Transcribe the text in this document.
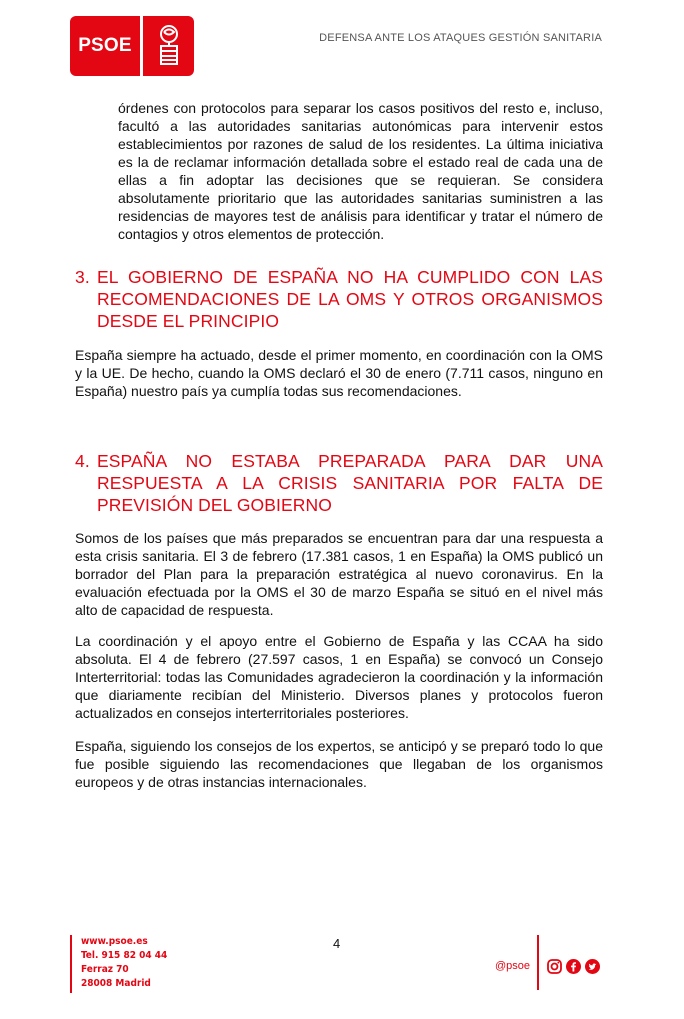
PSOE	DEFENSA ANTE LOS ATAQUES GESTIÓN SANITARIA

órdenes con protocolos para separar los casos positivos del resto e, incluso, facultó a las autoridades sanitarias autonómicas para intervenir estos establecimientos por razones de salud de los residentes. La última iniciativa es la de reclamar información detallada sobre el estado real de cada una de ellas a fin adoptar las decisiones que se requieran. Se considera absolutamente prioritario que las autoridades sanitarias suministren a las residencias de mayores test de análisis para identificar y tratar el número de contagios y otros elementos de protección.

3. EL GOBIERNO DE ESPAÑA NO HA CUMPLIDO CON LAS RECOMENDACIONES DE LA OMS Y OTROS ORGANISMOS DESDE EL PRINCIPIO

España siempre ha actuado, desde el primer momento, en coordinación con la OMS y la UE. De hecho, cuando la OMS declaró el 30 de enero (7.711 casos, ninguno en España) nuestro país ya cumplía todas sus recomendaciones.

4. ESPAÑA NO ESTABA PREPARADA PARA DAR UNA RESPUESTA A LA CRISIS SANITARIA POR FALTA DE PREVISIÓN DEL GOBIERNO

Somos de los países que más preparados se encuentran para dar una respuesta a esta crisis sanitaria. El 3 de febrero (17.381 casos, 1 en España) la OMS publicó un borrador del Plan para la preparación estratégica al nuevo coronavirus. En la evaluación efectuada por la OMS el 30 de marzo España se situó en el nivel más alto de capacidad de respuesta.

La coordinación y el apoyo entre el Gobierno de España y las CCAA ha sido absoluta. El 4 de febrero (27.597 casos, 1 en España) se convocó un Consejo Interterritorial: todas las Comunidades agradecieron la coordinación y la información que diariamente recibían del Ministerio. Diversos planes y protocolos fueron actualizados en consejos interterritoriales posteriores.

España, siguiendo los consejos de los expertos, se anticipó y se preparó todo lo que fue posible siguiendo las recomendaciones que llegaban de los organismos europeos y de otras instancias internacionales.

4
www.psoe.es
Tel. 915 82 04 44
Ferraz 70
28008 Madrid
@psoe
